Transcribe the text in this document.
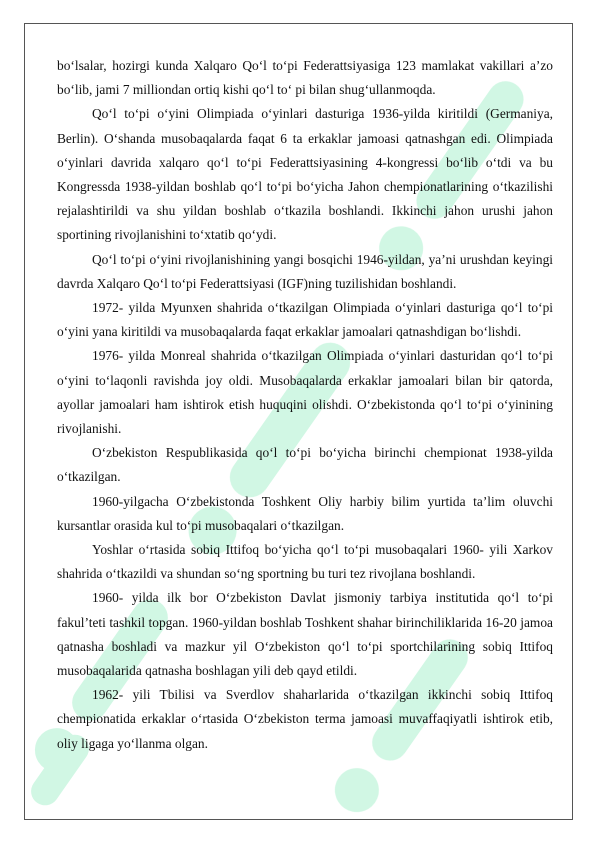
bo‘lsalar, hozirgi kunda Xalqaro Qo‘l to‘pi Federattsiyasiga 123 mamlakat vakillari a’zo bo‘lib, jami 7 milliondan ortiq kishi qo‘l to‘ pi bilan shug‘ullanmoqda.

Qo‘l to‘pi o‘yini Olimpiada o‘yinlari dasturiga 1936-yilda kiritildi (Germaniya, Berlin). O‘shanda musobaqalarda faqat 6 ta erkaklar jamoasi qatnashgan edi. Olimpiada o‘yinlari davrida xalqaro qo‘l to‘pi Federattsiyasining 4-kongressi bo‘lib o‘tdi va bu Kongressda 1938-yildan boshlab qo‘l to‘pi bo‘yicha Jahon chempionatlarining o‘tkazilishi rejalashtirildi va shu yildan boshlab o‘tkazila boshlandi. Ikkinchi jahon urushi jahon sportining rivojlanishini to‘xtatib qo‘ydi.

Qo‘l to‘pi o‘yini rivojlanishining yangi bosqichi 1946-yildan, ya’ni urushdan keyingi davrda Xalqaro Qo‘l to‘pi Federattsiyasi (IGF)ning tuzilishidan boshlandi.

1972- yilda Myunxen shahrida o‘tkazilgan Olimpiada o‘yinlari dasturiga qo‘l to‘pi o‘yini yana kiritildi va musobaqalarda faqat erkaklar jamoalari qatnashdigan bo‘lishdi.

1976- yilda Monreal shahrida o‘tkazilgan Olimpiada o‘yinlari dasturidan qo‘l to‘pi o‘yini to‘laqonli ravishda joy oldi. Musobaqalarda erkaklar jamoalari bilan bir qatorda, ayollar jamoalari ham ishtirok etish huquqini olishdi. O‘zbekistonda qo‘l to‘pi o‘yinining rivojlanishi.

O‘zbekiston Respublikasida qo‘l to‘pi bo‘yicha birinchi chempionat 1938-yilda o‘tkazilgan.

1960-yilgacha O‘zbekistonda Toshkent Oliy harbiy bilim yurtida ta’lim oluvchi kursantlar orasida kul to‘pi musobaqalari o‘tkazilgan.

Yoshlar o‘rtasida sobiq Ittifoq bo‘yicha qo‘l to‘pi musobaqalari 1960- yili Xarkov shahrida o‘tkazildi va shundan so‘ng sportning bu turi tez rivojlana boshlandi.

1960- yilda ilk bor O‘zbekiston Davlat jismoniy tarbiya institutida qo‘l to‘pi fakul’teti tashkil topgan. 1960-yildan boshlab Toshkent shahar birinchiliklarida 16-20 jamoa qatnasha boshladi va mazkur yil O‘zbekiston qo‘l to‘pi sportchilarining sobiq Ittifoq musobaqalarida qatnasha boshlagan yili deb qayd etildi.

1962- yili Tbilisi va Sverdlov shaharlarida o‘tkazilgan ikkinchi sobiq Ittifoq chempionatida erkaklar o‘rtasida O‘zbekiston terma jamoasi muvaffaqiyatli ishtirok etib, oliy ligaga yo‘llanma olgan.
